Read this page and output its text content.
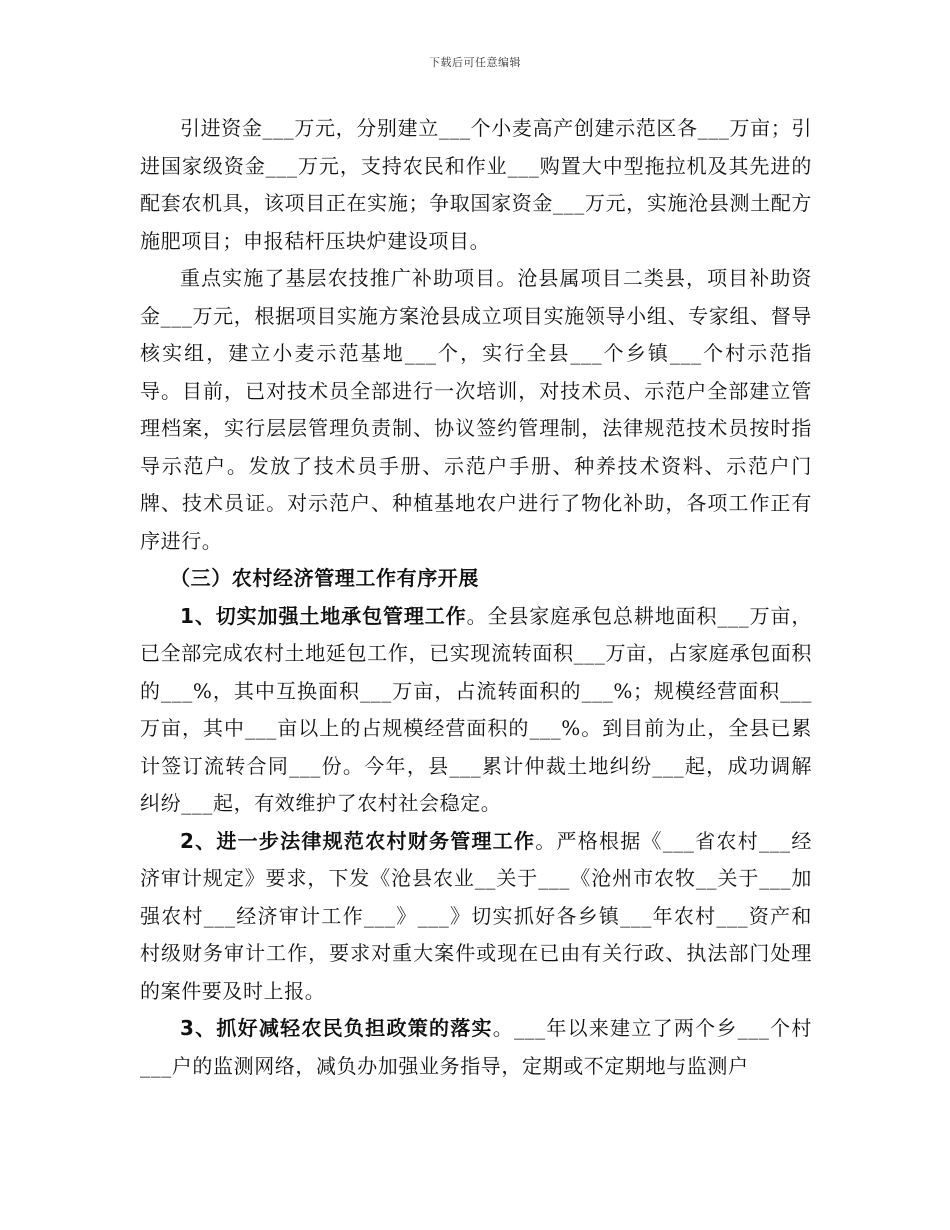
下载后可任意编辑

引进资金___万元，分别建立___个小麦高产创建示范区各___万亩；引进国家级资金___万元，支持农民和作业___购置大中型拖拉机及其先进的配套农机具，该项目正在实施；争取国家资金___万元，实施沧县测土配方施肥项目；申报秸杆压块炉建设项目。

重点实施了基层农技推广补助项目。沧县属项目二类县，项目补助资金___万元，根据项目实施方案沧县成立项目实施领导小组、专家组、督导核实组，建立小麦示范基地___个，实行全县___个乡镇___个村示范指导。目前，已对技术员全部进行一次培训，对技术员、示范户全部建立管理档案，实行层层管理负责制、协议签约管理制，法律规范技术员按时指导示范户。发放了技术员手册、示范户手册、种养技术资料、示范户门牌、技术员证。对示范户、种植基地农户进行了物化补助，各项工作正有序进行。

（三）农村经济管理工作有序开展

1、切实加强土地承包管理工作。全县家庭承包总耕地面积___万亩，已全部完成农村土地延包工作，已实现流转面积___万亩，占家庭承包面积的___%，其中互换面积___万亩，占流转面积的___%；规模经营面积___万亩，其中___亩以上的占规模经营面积的___%。到目前为止，全县已累计签订流转合同___份。今年，县___累计仲裁土地纠纷___起，成功调解纠纷___起，有效维护了农村社会稳定。

2、进一步法律规范农村财务管理工作。严格根据《___省农村___经济审计规定》要求，下发《沧县农业__关于___《沧州市农牧__关于___加强农村___经济审计工作___》___》切实抓好各乡镇___年农村___资产和村级财务审计工作，要求对重大案件或现在已由有关行政、执法部门处理的案件要及时上报。

3、抓好减轻农民负担政策的落实。___年以来建立了两个乡___个村___户的监测网络，减负办加强业务指导，定期或不定期地与监测户
